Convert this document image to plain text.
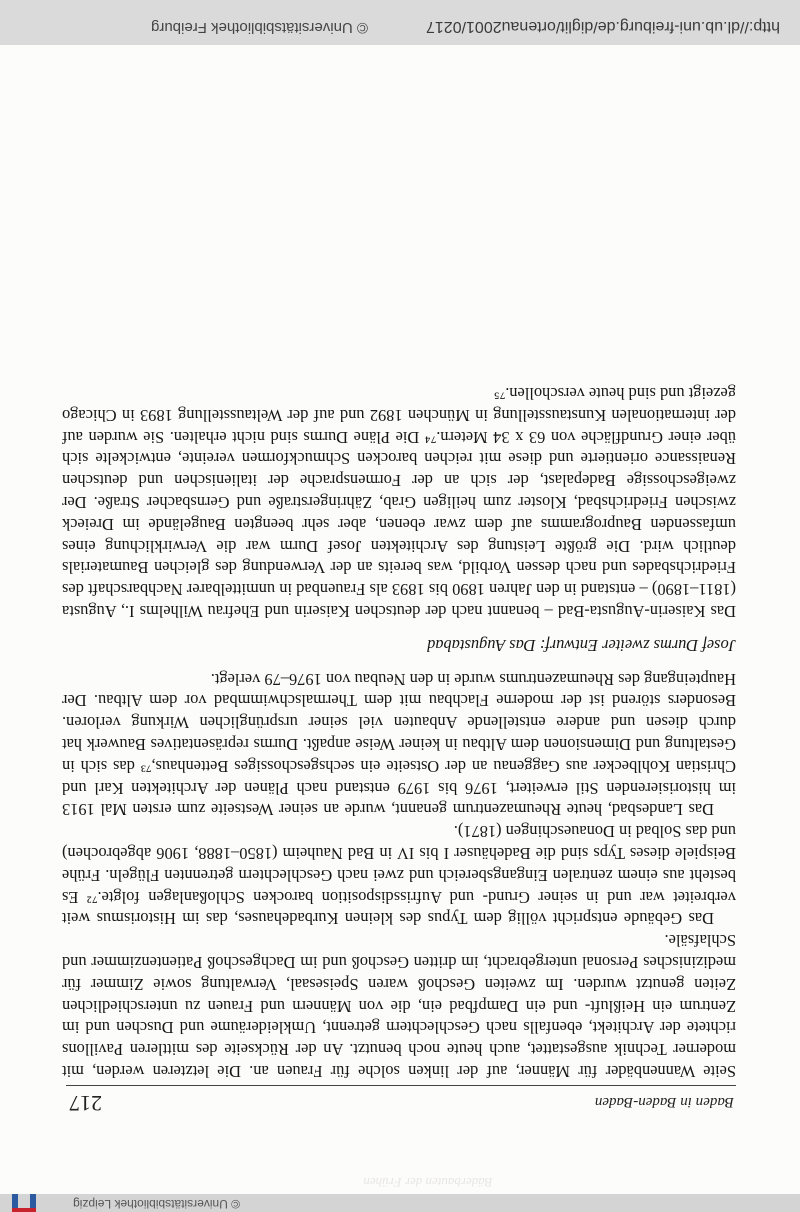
© Universitätsbibliothek Leipzig
Bäderbauten der Frühen
Baden in Baden-Baden
217

Seite Wannenbäder für Männer, auf der linken solche für Frauen an. Die letzteren werden, mit moderner Technik ausgestattet, auch heute noch benutzt. An der Rückseite des mittleren Pavillons richtete der Architekt, ebenfalls nach Geschlechtern getrennt, Umkleideräume und Duschen und im Zentrum ein Heißluft- und ein Dampfbad ein, die von Männern und Frauen zu unterschiedlichen Zeiten genutzt wurden. Im zweiten Geschoß waren Speisesaal, Verwaltung sowie Zimmer für medizinisches Personal untergebracht, im dritten Geschoß und im Dachgeschoß Patientenzimmer und Schlafsäle.

Das Gebäude entspricht völlig dem Typus des kleinen Kurbadehauses, das im Historismus weit verbreitet war und in seiner Grund- und Aufrissdisposition barocken Schloßanlagen folgte.⁷² Es besteht aus einem zentralen Eingangsbereich und zwei nach Geschlechtern getrennten Flügeln. Frühe Beispiele dieses Typs sind die Badehäuser I bis IV in Bad Nauheim (1850–1888, 1906 abgebrochen) und das Solbad in Donaueschingen (1871).

Das Landesbad, heute Rheumazentrum genannt, wurde an seiner Westseite zum ersten Mal 1913 im historisierenden Stil erweitert, 1976 bis 1979 entstand nach Plänen der Architekten Karl und Christian Kohlbecker aus Gaggenau an der Ostseite ein sechsgeschossiges Bettenhaus,⁷³ das sich in Gestaltung und Dimensionen dem Altbau in keiner Weise anpaßt. Durms repräsentatives Bauwerk hat durch diesen und andere entstellende Anbauten viel seiner ursprünglichen Wirkung verloren. Besonders störend ist der moderne Flachbau mit dem Thermalschwimmbad vor dem Altbau. Der Haupteingang des Rheumazentrums wurde in den Neubau von 1976–79 verlegt.

Josef Durms zweiter Entwurf: Das Augustabad

Das Kaiserin-Augusta-Bad – benannt nach der deutschen Kaiserin und Ehefrau Wilhelms I., Augusta (1811–1890) – entstand in den Jahren 1890 bis 1893 als Frauenbad in unmittelbarer Nachbarschaft des Friedrichsbades und nach dessen Vorbild, was bereits an der Verwendung des gleichen Baumaterials deutlich wird. Die größte Leistung des Architekten Josef Durm war die Verwirklichung eines umfassenden Bauprogramms auf dem zwar ebenen, aber sehr beengten Baugelände im Dreieck zwischen Friedrichsbad, Kloster zum heiligen Grab, Zähringerstraße und Gernsbacher Straße. Der zweigeschossige Badepalast, der sich an der Formensprache der italienischen und deutschen Renaissance orientierte und diese mit reichen barocken Schmuckformen vereinte, entwickelte sich über einer Grundfläche von 63 x 34 Metern.⁷⁴ Die Pläne Durms sind nicht erhalten. Sie wurden auf der internationalen Kunstausstellung in München 1892 und auf der Weltausstellung 1893 in Chicago gezeigt und sind heute verschollen.⁷⁵

http://dl.ub.uni-freiburg.de/diglit/ortenau2001/0217
© Universitätsbibliothek Freiburg
